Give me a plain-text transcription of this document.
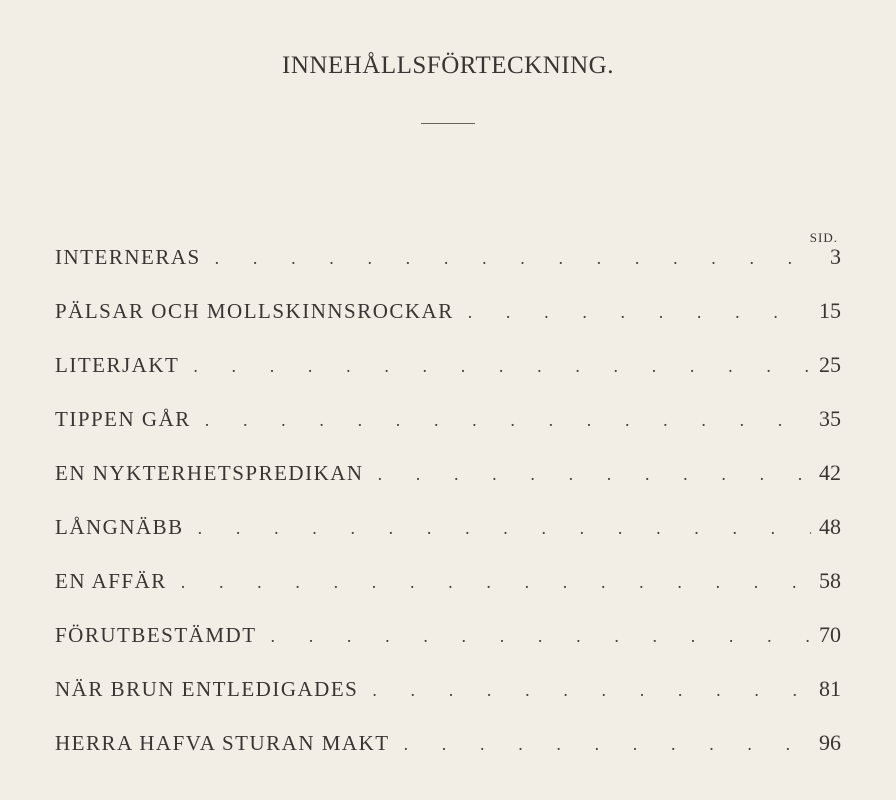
INNEHÅLLSFÖRTECKNING.
SID.
INTERNERAS . . .	3
PÄLSAR OCH MOLLSKINNSROCKAR . . .	15
LITERJAKT . . .	25
TIPPEN GÅR . . .	35
EN NYKTERHETSPREDIKAN . . .	42
LÅNGNÄBB . . .	48
EN AFFÄR . . .	58
FÖRUTBESTÄMDT . . .	70
NÄR BRUN ENTLEDIGADES . . .	81
HERRA HAFVA STURAN MAKT . . .	96
